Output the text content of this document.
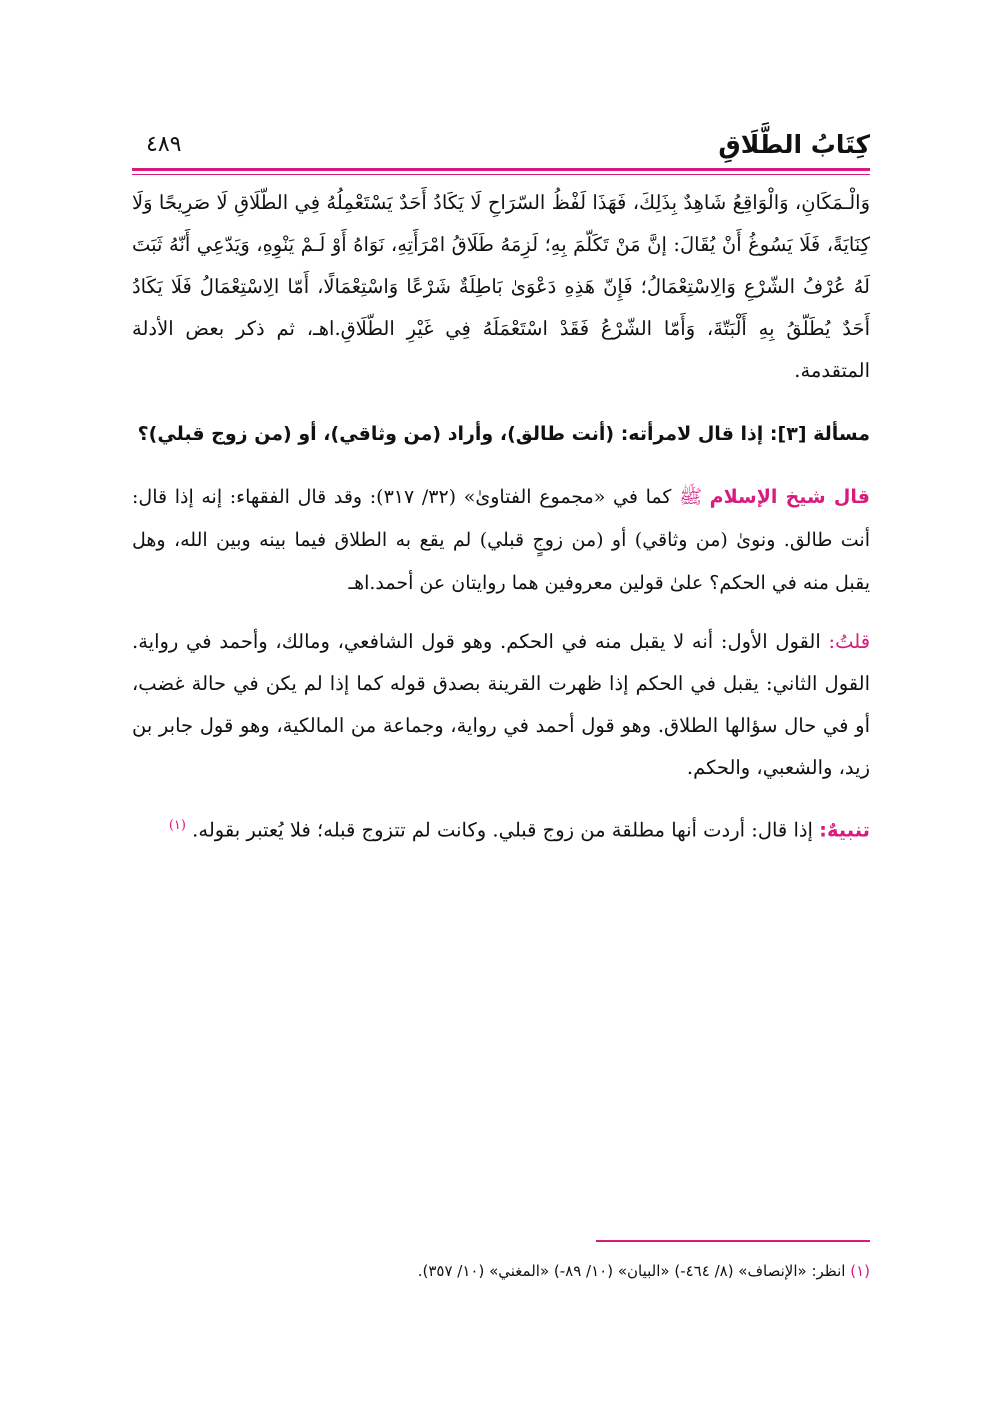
كِتَابُ الطَّلَاقِ
٤٨٩

وَالْـمَكَانِ، وَالْوَاقِعُ شَاهِدٌ بِذَلِكَ، فَهَذَا لَفْظُ السّرَاحِ لَا يَكَادُ أَحَدٌ يَسْتَعْمِلُهُ فِي الطّلَاقِ لَا صَرِيحًا وَلَا كِنَايَةً، فَلَا يَسُوغُ أَنْ يُقَالَ: إنَّ مَنْ تَكَلّمَ بِهِ؛ لَزِمَهُ طَلَاقُ امْرَأَتِهِ، نَوَاهُ أَوْ لَـمْ يَنْوِهِ، وَيَدّعِي أَنّهُ ثَبَتَ لَهُ عُرْفُ الشّرْعِ وَالِاسْتِعْمَالُ؛ فَإِنّ هَذِهِ دَعْوَىٰ بَاطِلَةٌ شَرْعًا وَاسْتِعْمَالًا، أَمّا الِاسْتِعْمَالُ فَلَا يَكَادُ أَحَدٌ يُطَلّقُ بِهِ أَلْبَتّةَ، وَأَمّا الشّرْعُ فَقَدْ اسْتَعْمَلَهُ فِي غَيْرِ الطّلَاقِ.اهـ، ثم ذكر بعض الأدلة المتقدمة.

مسألة [٣]: إذا قال لامرأته: (أنت طالق)، وأراد (من وثاقي)، أو (من زوج قبلي)؟

قال شيخ الإسلام ﷺ كما في «مجموع الفتاوىٰ» (٣٢/ ٣١٧): وقد قال الفقهاء: إنه إذا قال: أنت طالق. ونوىٰ (من وثاقي) أو (من زوجٍ قبلي) لم يقع به الطلاق فيما بينه وبين الله، وهل يقبل منه في الحكم؟ علىٰ قولين معروفين هما روايتان عن أحمد.اهـ

قلتُ: القول الأول: أنه لا يقبل منه في الحكم. وهو قول الشافعي، ومالك، وأحمد في رواية. القول الثاني: يقبل في الحكم إذا ظهرت القرينة بصدق قوله كما إذا لم يكن في حالة غضب، أو في حال سؤالها الطلاق. وهو قول أحمد في رواية، وجماعة من المالكية، وهو قول جابر بن زيد، والشعبي، والحكم.

تنبيهٌ: إذا قال: أردت أنها مطلقة من زوج قبلي. وكانت لم تتزوج قبله؛ فلا يُعتبر بقوله. $^{(١)}$

(١) انظر: «الإنصاف» (٨/ ٤٦٤-) «البيان» (١٠/ ٨٩-) «المغني» (١٠/ ٣٥٧).
